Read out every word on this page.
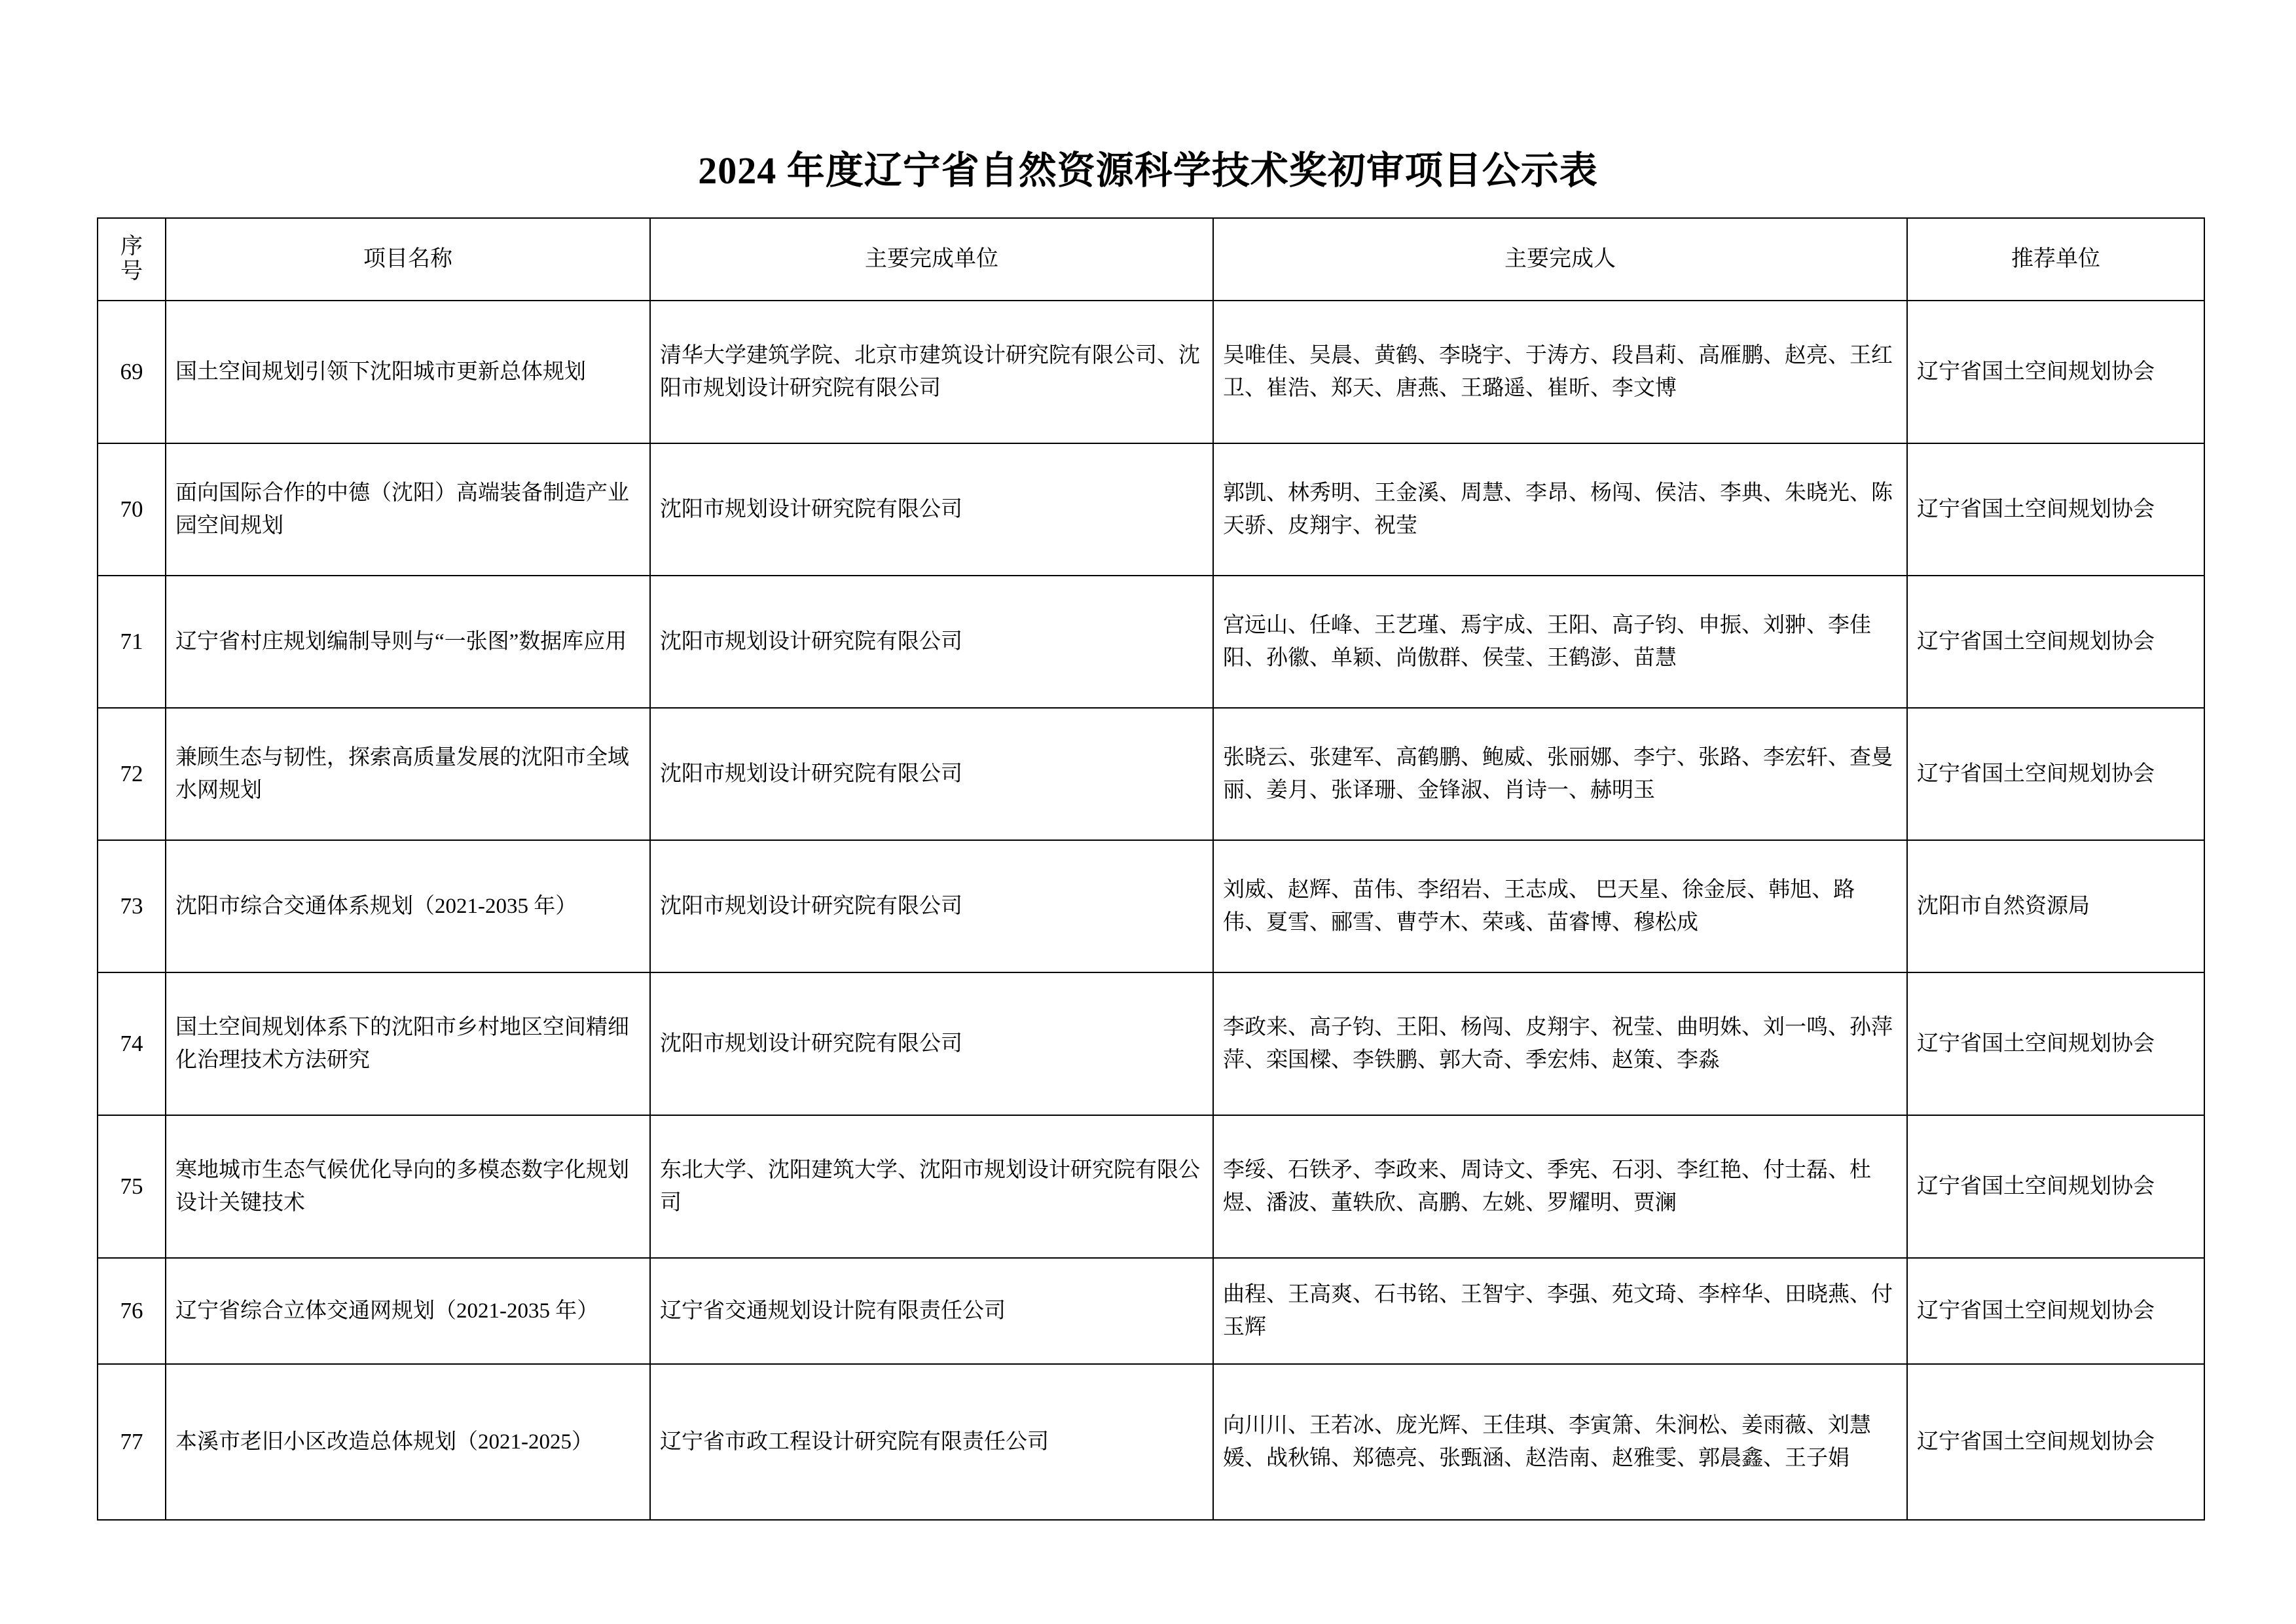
2024 年度辽宁省自然资源科学技术奖初审项目公示表
序
号	项目名称	主要完成单位	主要完成人	推荐单位
69	国土空间规划引领下沈阳城市更新总体规划	清华大学建筑学院、北京市建筑设计研究院有限公司、沈阳市规划设计研究院有限公司	吴唯佳、吴晨、黄鹤、李晓宇、于涛方、段昌莉、高雁鹏、赵亮、王红卫、崔浩、郑天、唐燕、王璐遥、崔昕、李文博	辽宁省国土空间规划协会
70	面向国际合作的中德（沈阳）高端装备制造产业园空间规划	沈阳市规划设计研究院有限公司	郭凯、林秀明、王金溪、周慧、李昂、杨闯、侯洁、李典、朱晓光、陈天骄、皮翔宇、祝莹	辽宁省国土空间规划协会
71	辽宁省村庄规划编制导则与“一张图”数据库应用	沈阳市规划设计研究院有限公司	宫远山、任峰、王艺瑾、焉宇成、王阳、高子钧、申振、刘翀、李佳阳、孙徽、单颖、尚傲群、侯莹、王鹤澎、苗慧	辽宁省国土空间规划协会
72	兼顾生态与韧性，探索高质量发展的沈阳市全域水网规划	沈阳市规划设计研究院有限公司	张晓云、张建军、高鹤鹏、鲍威、张丽娜、李宁、张路、李宏轩、查曼丽、姜月、张译珊、金锋淑、肖诗一、赫明玉	辽宁省国土空间规划协会
73	沈阳市综合交通体系规划（2021-2035 年）	沈阳市规划设计研究院有限公司	刘威、赵辉、苗伟、李绍岩、王志成、 巴天星、徐金辰、韩旭、路伟、夏雪、郦雪、曹苧木、荣彧、苗睿博、穆松成	沈阳市自然资源局
74	国土空间规划体系下的沈阳市乡村地区空间精细化治理技术方法研究	沈阳市规划设计研究院有限公司	李政来、高子钧、王阳、杨闯、皮翔宇、祝莹、曲明姝、刘一鸣、孙萍萍、栾国樑、李铁鹏、郭大奇、季宏炜、赵策、李淼	辽宁省国土空间规划协会
75	寒地城市生态气候优化导向的多模态数字化规划设计关键技术	东北大学、沈阳建筑大学、沈阳市规划设计研究院有限公司	李绥、石铁矛、李政来、周诗文、季宪、石羽、李红艳、付士磊、杜煜、潘波、董轶欣、高鹏、左姚、罗耀明、贾澜	辽宁省国土空间规划协会
76	辽宁省综合立体交通网规划（2021-2035 年）	辽宁省交通规划设计院有限责任公司	曲程、王高爽、石书铭、王智宇、李强、苑文琦、李梓华、田晓燕、付玉辉	辽宁省国土空间规划协会
77	本溪市老旧小区改造总体规划（2021-2025）	辽宁省市政工程设计研究院有限责任公司	向川川、王若冰、庞光辉、王佳琪、李寅箫、朱涧松、姜雨薇、刘慧媛、战秋锦、郑德亮、张甄涵、赵浩南、赵雅雯、郭晨鑫、王子娟	辽宁省国土空间规划协会
